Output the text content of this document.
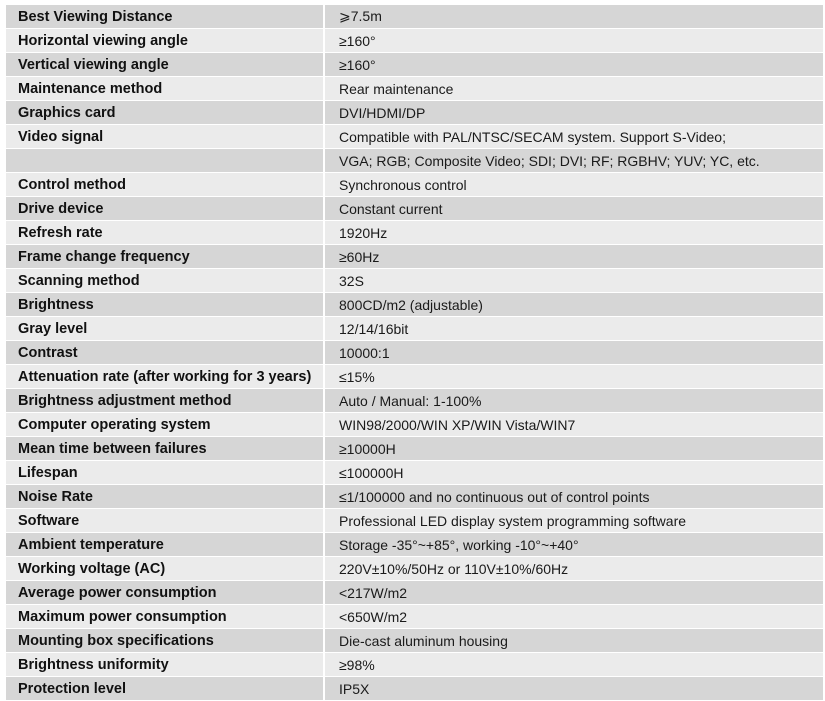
Best Viewing Distance	⩾7.5m
Horizontal viewing angle	≥160°
Vertical viewing angle	≥160°
Maintenance method	Rear maintenance
Graphics card	DVI/HDMI/DP
Video signal	Compatible with PAL/NTSC/SECAM system. Support S-Video;
	VGA; RGB; Composite Video; SDI; DVI; RF; RGBHV; YUV; YC, etc.
Control method	Synchronous control
Drive device	Constant current
Refresh rate	1920Hz
Frame change frequency	≥60Hz
Scanning method	32S
Brightness	800CD/m2 (adjustable)
Gray level	12/14/16bit
Contrast	10000:1
Attenuation rate (after working for 3 years)	≤15%
Brightness adjustment method	Auto / Manual: 1-100%
Computer operating system	WIN98/2000/WIN XP/WIN Vista/WIN7
Mean time between failures	≥10000H
Lifespan	≤100000H
Noise Rate	≤1/100000 and no continuous out of control points
Software	Professional LED display system programming software
Ambient temperature	Storage -35°~+85°, working -10°~+40°
Working voltage (AC)	220V±10%/50Hz or 110V±10%/60Hz
Average power consumption	<217W/m2
Maximum power consumption	<650W/m2
Mounting box specifications	Die-cast aluminum housing
Brightness uniformity	≥98%
Protection level	IP5X
